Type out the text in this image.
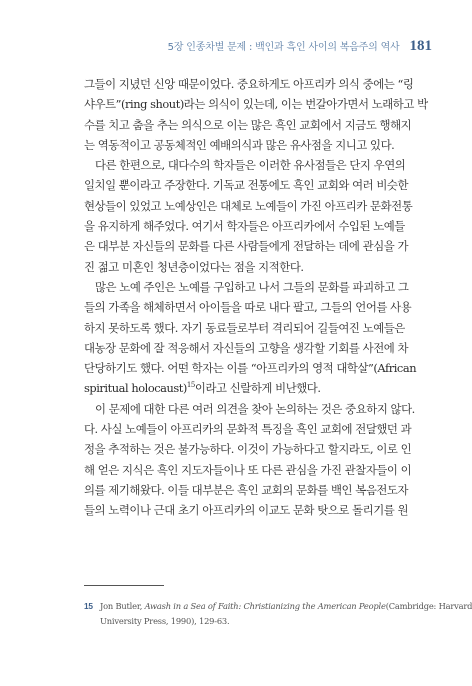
5장 인종차별 문제 : 백인과 흑인 사이의 복음주의 역사 181
그들이 지녔던 신앙 때문이었다. 중요하게도 아프리카 의식 중에는 “링
샤우트”(ring shout)라는 의식이 있는데, 이는 번갈아가면서 노래하고 박
수를 치고 춤을 추는 의식으로 이는 많은 흑인 교회에서 지금도 행해지
는 역동적이고 공동체적인 예배의식과 많은 유사점을 지니고 있다.
다른 한편으로, 대다수의 학자들은 이러한 유사점들은 단지 우연의
일치일 뿐이라고 주장한다. 기독교 전통에도 흑인 교회와 여러 비슷한
현상들이 있었고 노예상인은 대체로 노예들이 가진 아프리카 문화전통
을 유지하게 해주었다. 여기서 학자들은 아프리카에서 수입된 노예들
은 대부분 자신들의 문화를 다른 사람들에게 전달하는 데에 관심을 가
진 젊고 미혼인 청년층이었다는 점을 지적한다.
많은 노예 주인은 노예를 구입하고 나서 그들의 문화를 파괴하고 그
들의 가족을 해체하면서 아이들을 따로 내다 팔고, 그들의 언어를 사용
하지 못하도록 했다. 자기 동료들로부터 격리되어 길들여진 노예들은
대농장 문화에 잘 적응해서 자신들의 고향을 생각할 기회를 사전에 차
단당하기도 했다. 어떤 학자는 이를 “아프리카의 영적 대학살”(African
spiritual holocaust)$^{15}$이라고 신랄하게 비난했다.
이 문제에 대한 다른 여러 의견을 찾아 논의하는 것은 중요하지 않다.
다. 사실 노예들이 아프리카의 문화적 특징을 흑인 교회에 전달했던 과
정을 추적하는 것은 불가능하다. 이것이 가능하다고 할지라도, 이로 인
해 얻은 지식은 흑인 지도자들이나 또 다른 관심을 가진 관찰자들이 이
의를 제기해왔다. 이들 대부분은 흑인 교회의 문화를 백인 복음전도자
들의 노력이나 근대 초기 아프리카의 이교도 문화 탓으로 돌리기를 원
15 Jon Butler, Awash in a Sea of Faith: Christianizing the American People(Cambridge: Harvard
University Press, 1990), 129-63.
